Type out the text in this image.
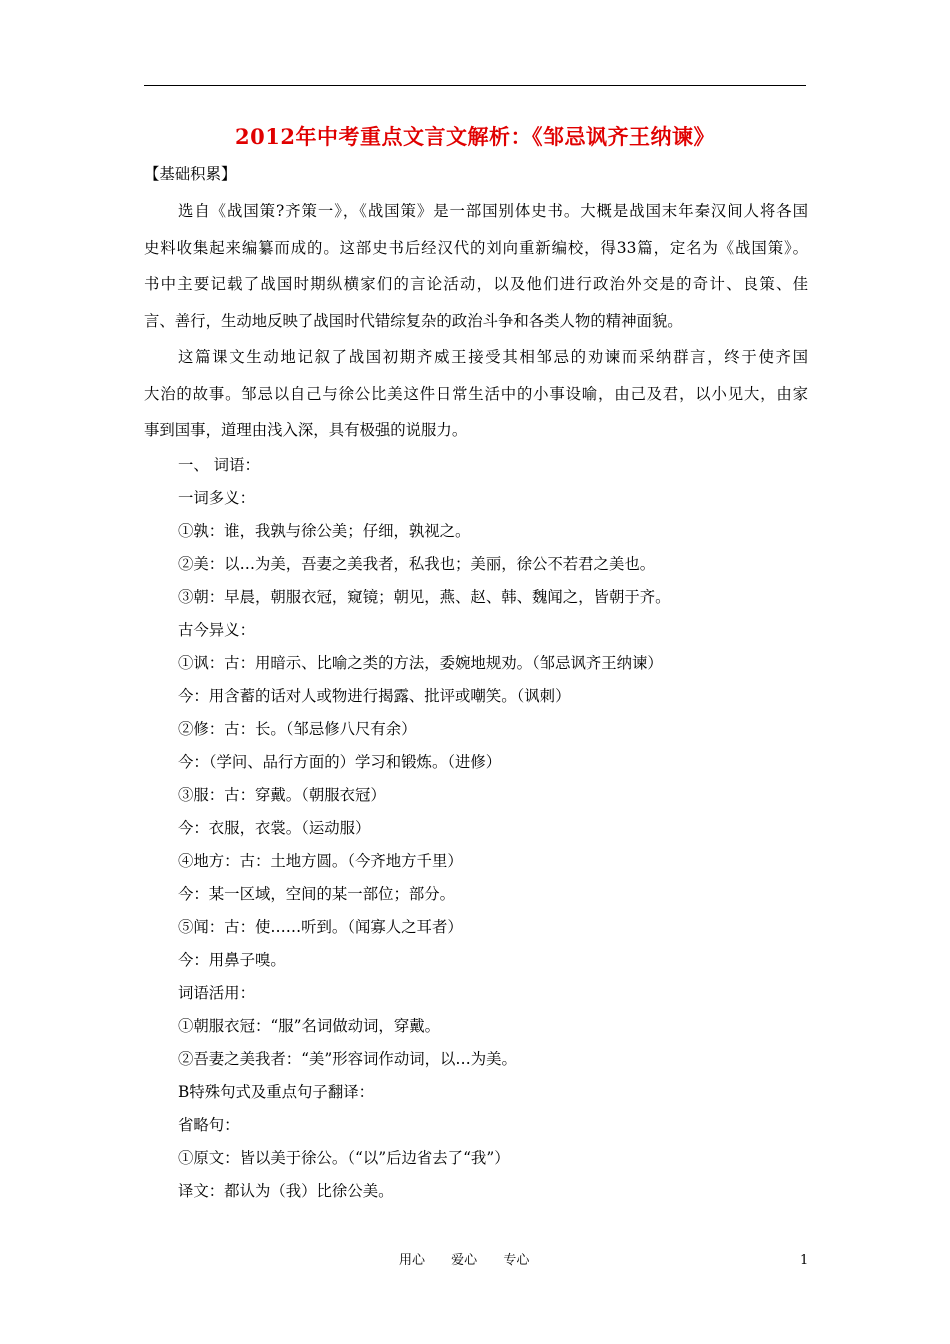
2012年中考重点文言文解析：《邹忌讽齐王纳谏》
【基础积累】
选自《战国策?齐策一》，《战国策》是一部国别体史书。大概是战国末年秦汉间人将各国
史料收集起来编纂而成的。这部史书后经汉代的刘向重新编校，得33篇，定名为《战国策》。
书中主要记载了战国时期纵横家们的言论活动，以及他们进行政治外交是的奇计、良策、佳
言、善行，生动地反映了战国时代错综复杂的政治斗争和各类人物的精神面貌。
这篇课文生动地记叙了战国初期齐威王接受其相邹忌的劝谏而采纳群言，终于使齐国
大治的故事。邹忌以自己与徐公比美这件日常生活中的小事设喻，由己及君，以小见大，由家
事到国事，道理由浅入深，具有极强的说服力。
一、 词语：
一词多义：
①孰：谁，我孰与徐公美；仔细，孰视之。
②美：以…为美，吾妻之美我者，私我也；美丽，徐公不若君之美也。
③朝：早晨，朝服衣冠，窥镜；朝见，燕、赵、韩、魏闻之，皆朝于齐。
古今异义：
①讽：古：用暗示、比喻之类的方法，委婉地规劝。（邹忌讽齐王纳谏）
今：用含蓄的话对人或物进行揭露、批评或嘲笑。（讽刺）
②修：古：长。（邹忌修八尺有余）
今：（学问、品行方面的）学习和锻炼。（进修）
③服：古：穿戴。（朝服衣冠）
今：衣服，衣裳。（运动服）
④地方：古：土地方圆。（今齐地方千里）
今：某一区域，空间的某一部位；部分。
⑤闻：古：使……听到。（闻寡人之耳者）
今：用鼻子嗅。
词语活用：
①朝服衣冠：“服”名词做动词，穿戴。
②吾妻之美我者：“美”形容词作动词，以…为美。
B特殊句式及重点句子翻译：
省略句：
①原文：皆以美于徐公。（“以”后边省去了“我”）
译文：都认为（我）比徐公美。
用心 爱心 专心	1
